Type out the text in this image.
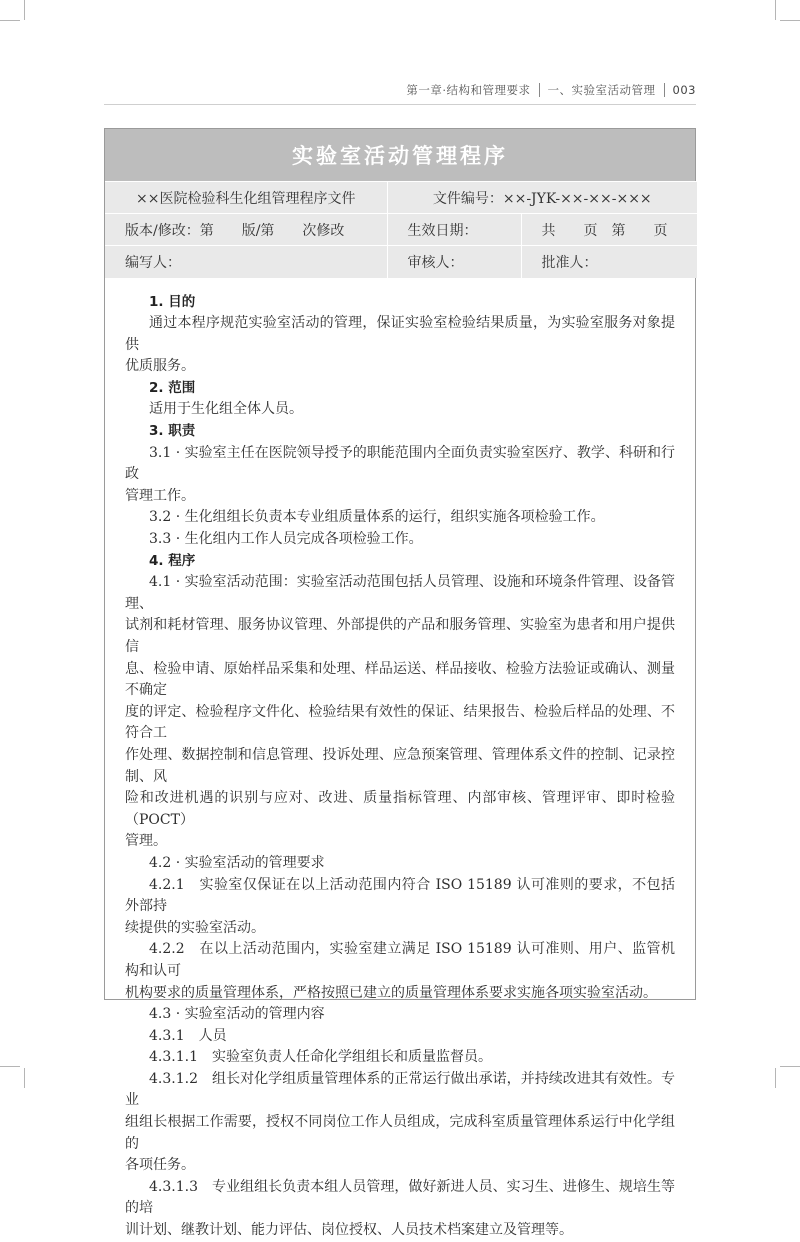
第一章·结构和管理要求 一、实验室活动管理 003
实验室活动管理程序
××医院检验科生化组管理程序文件	文件编号：××-JYK-××-××-×××	
版本/修改：第　　版/第　　次修改	生效日期：	共　　页　第　　页
编写人：	审核人：	批准人：

1. 目的

通过本程序规范实验室活动的管理，保证实验室检验结果质量，为实验室服务对象提供

优质服务。

2. 范围

适用于生化组全体人员。

3. 职责

3.1 · 实验室主任在医院领导授予的职能范围内全面负责实验室医疗、教学、科研和行政

管理工作。

3.2 · 生化组组长负责本专业组质量体系的运行，组织实施各项检验工作。

3.3 · 生化组内工作人员完成各项检验工作。

4. 程序

4.1 · 实验室活动范围：实验室活动范围包括人员管理、设施和环境条件管理、设备管理、

试剂和耗材管理、服务协议管理、外部提供的产品和服务管理、实验室为患者和用户提供信

息、检验申请、原始样品采集和处理、样品运送、样品接收、检验方法验证或确认、测量不确定

度的评定、检验程序文件化、检验结果有效性的保证、结果报告、检验后样品的处理、不符合工

作处理、数据控制和信息管理、投诉处理、应急预案管理、管理体系文件的控制、记录控制、风

险和改进机遇的识别与应对、改进、质量指标管理、内部审核、管理评审、即时检验（POCT）

管理。

4.2 · 实验室活动的管理要求

4.2.1　实验室仅保证在以上活动范围内符合 ISO 15189 认可准则的要求，不包括外部持

续提供的实验室活动。

4.2.2　在以上活动范围内，实验室建立满足 ISO 15189 认可准则、用户、监管机构和认可

机构要求的质量管理体系，严格按照已建立的质量管理体系要求实施各项实验室活动。

4.3 · 实验室活动的管理内容

4.3.1　人员

4.3.1.1　实验室负责人任命化学组组长和质量监督员。

4.3.1.2　组长对化学组质量管理体系的正常运行做出承诺，并持续改进其有效性。专业

组组长根据工作需要，授权不同岗位工作人员组成，完成科室质量管理体系运行中化学组的

各项任务。

4.3.1.3　专业组组长负责本组人员管理，做好新进人员、实习生、进修生、规培生等的培

训计划、继教计划、能力评估、岗位授权、人员技术档案建立及管理等。
